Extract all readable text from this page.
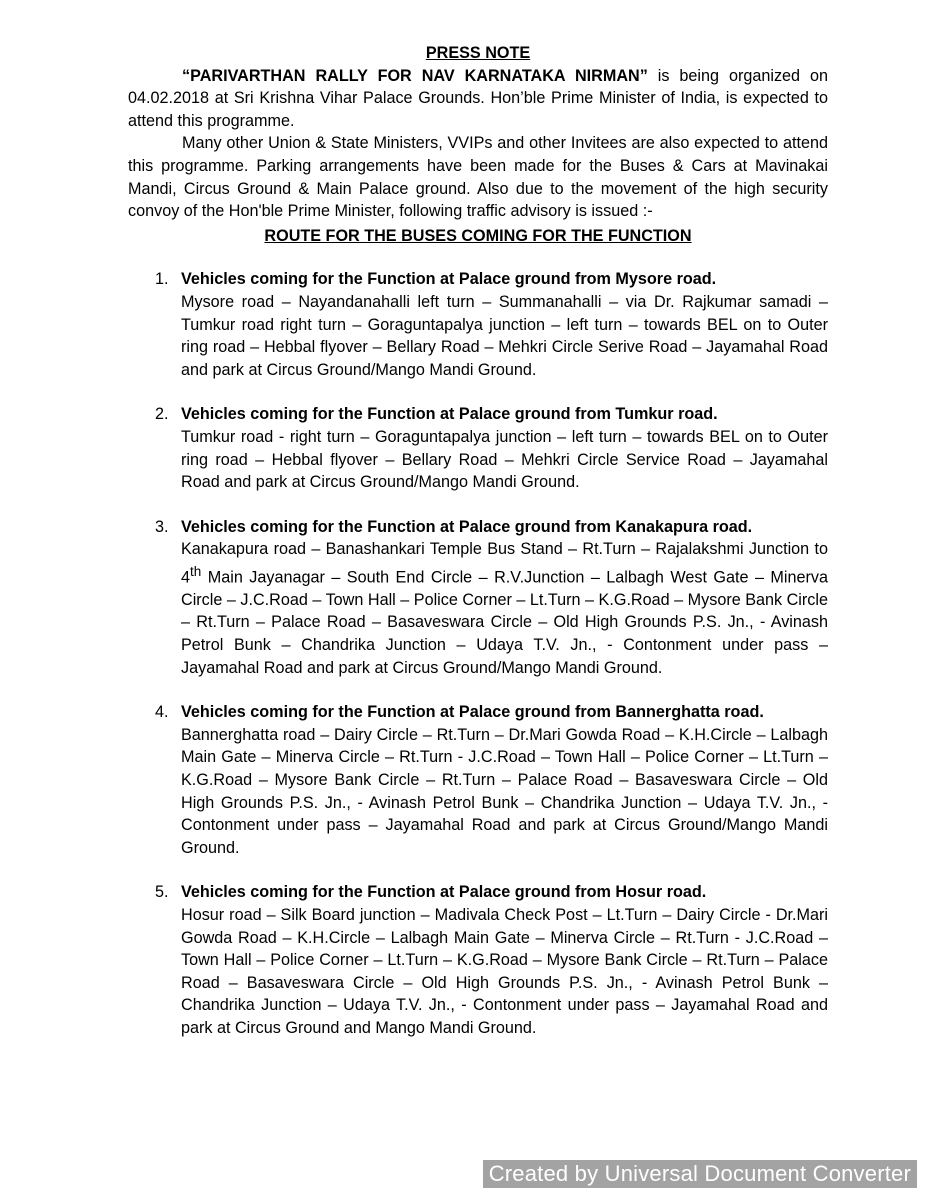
PRESS NOTE

“PARIVARTHAN RALLY FOR NAV KARNATAKA NIRMAN” is being organized on 04.02.2018 at Sri Krishna Vihar Palace Grounds. Hon’ble Prime Minister of India, is expected to attend this programme.

Many other Union & State Ministers, VVIPs and other Invitees are also expected to attend this programme. Parking arrangements have been made for the Buses & Cars at Mavinakai Mandi, Circus Ground & Main Palace ground. Also due to the movement of the high security convoy of the Hon'ble Prime Minister, following traffic advisory is issued :-

ROUTE FOR THE BUSES COMING FOR THE FUNCTION

1. Vehicles coming for the Function at Palace ground from Mysore road.

Mysore road – Nayandanahalli left turn – Summanahalli – via Dr. Rajkumar samadi – Tumkur road right turn – Goraguntapalya junction – left turn – towards BEL on to Outer ring road – Hebbal flyover – Bellary Road – Mehkri Circle Serive Road – Jayamahal Road and park at Circus Ground/Mango Mandi Ground.

2. Vehicles coming for the Function at Palace ground from Tumkur road.

Tumkur road - right turn – Goraguntapalya junction – left turn – towards BEL on to Outer ring road – Hebbal flyover – Bellary Road – Mehkri Circle Service Road – Jayamahal Road and park at Circus Ground/Mango Mandi Ground.

3. Vehicles coming for the Function at Palace ground from Kanakapura road.

Kanakapura road – Banashankari Temple Bus Stand – Rt.Turn – Rajalakshmi Junction to 4th Main Jayanagar – South End Circle – R.V.Junction – Lalbagh West Gate – Minerva Circle – J.C.Road – Town Hall – Police Corner – Lt.Turn – K.G.Road – Mysore Bank Circle – Rt.Turn – Palace Road – Basaveswara Circle – Old High Grounds P.S. Jn., - Avinash Petrol Bunk – Chandrika Junction – Udaya T.V. Jn., - Contonment under pass – Jayamahal Road and park at Circus Ground/Mango Mandi Ground.

4. Vehicles coming for the Function at Palace ground from Bannerghatta road.

Bannerghatta road – Dairy Circle – Rt.Turn – Dr.Mari Gowda Road – K.H.Circle – Lalbagh Main Gate – Minerva Circle – Rt.Turn - J.C.Road – Town Hall – Police Corner – Lt.Turn – K.G.Road – Mysore Bank Circle – Rt.Turn – Palace Road – Basaveswara Circle – Old High Grounds P.S. Jn., - Avinash Petrol Bunk – Chandrika Junction – Udaya T.V. Jn., - Contonment under pass – Jayamahal Road and park at Circus Ground/Mango Mandi Ground.

5. Vehicles coming for the Function at Palace ground from Hosur road.

Hosur road – Silk Board junction – Madivala Check Post – Lt.Turn – Dairy Circle - Dr.Mari Gowda Road – K.H.Circle – Lalbagh Main Gate – Minerva Circle – Rt.Turn - J.C.Road – Town Hall – Police Corner – Lt.Turn – K.G.Road – Mysore Bank Circle – Rt.Turn – Palace Road – Basaveswara Circle – Old High Grounds P.S. Jn., - Avinash Petrol Bunk – Chandrika Junction – Udaya T.V. Jn., - Contonment under pass – Jayamahal Road and park at Circus Ground and Mango Mandi Ground.

Created by Universal Document Converter
